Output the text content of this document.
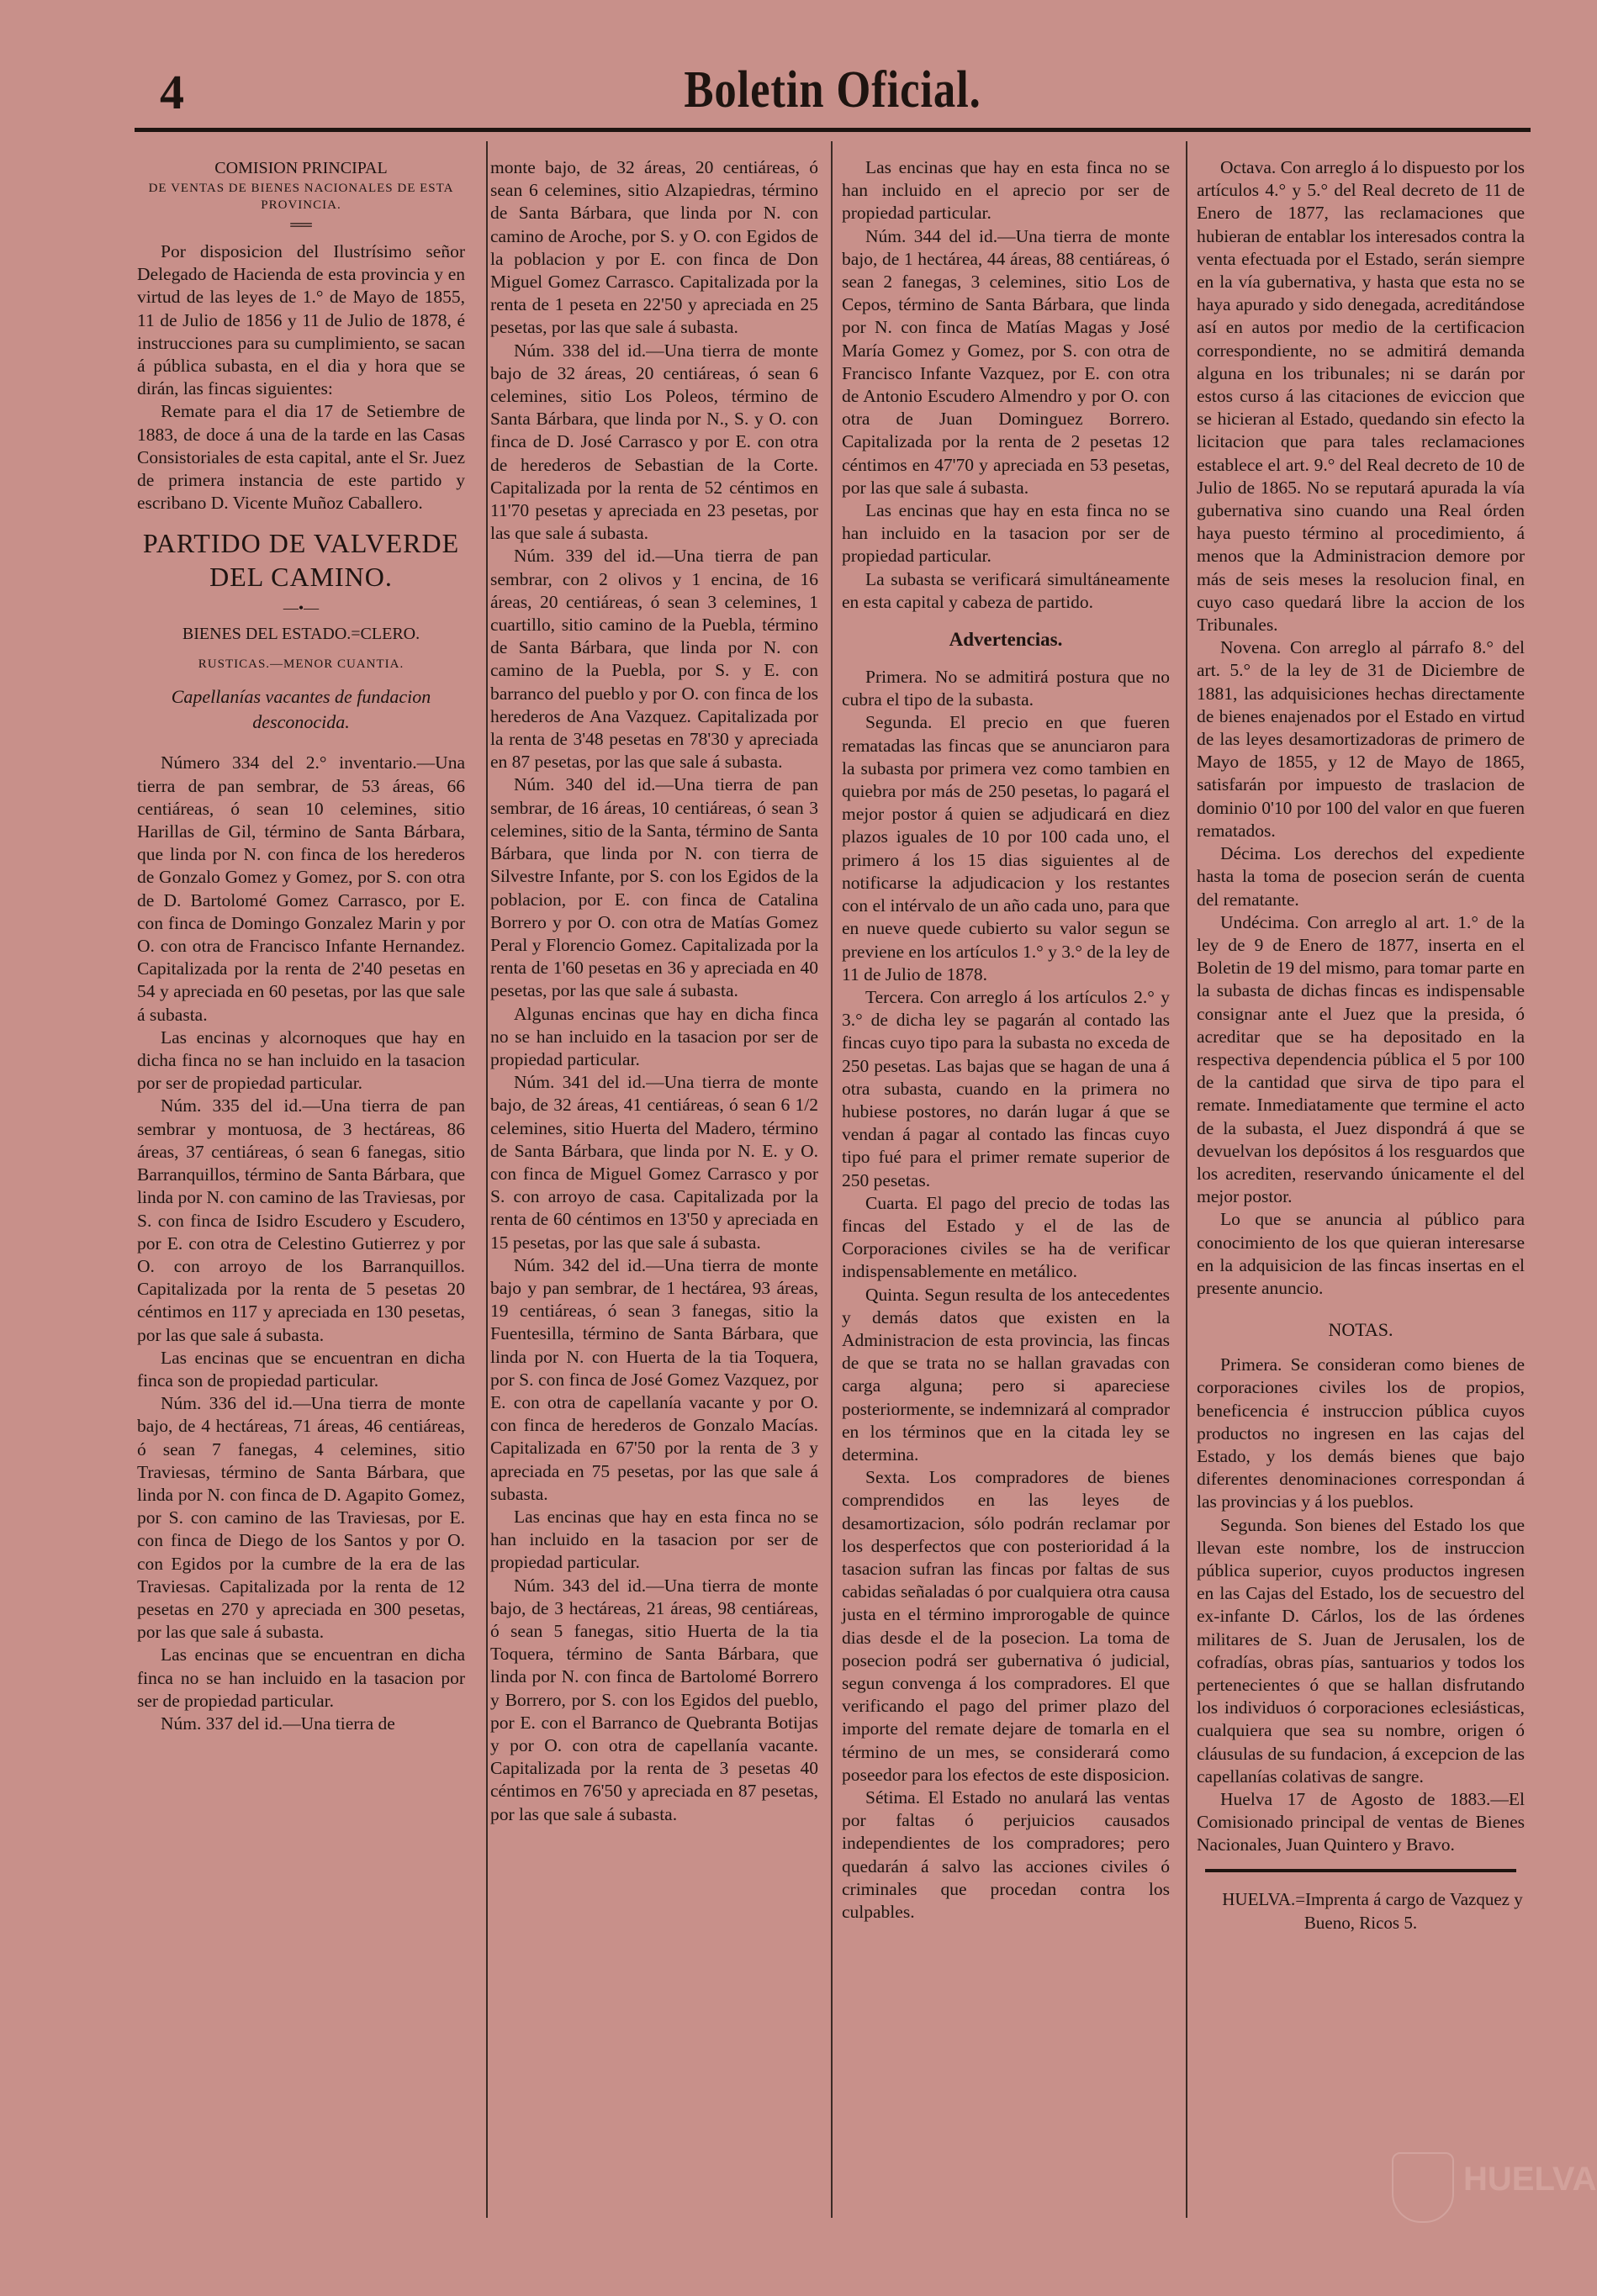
4	Boletin Oficial.
COMISION PRINCIPAL
DE VENTAS DE BIENES NACIONALES DE ESTA PROVINCIA.
══

Por disposicion del Ilustrísimo señor Delegado de Hacienda de esta provincia y en virtud de las leyes de 1.° de Mayo de 1855, 11 de Julio de 1856 y 11 de Julio de 1878, é instrucciones para su cumplimiento, se sacan á pública subasta, en el dia y hora que se dirán, las fincas siguientes:

Remate para el dia 17 de Setiembre de 1883, de doce á una de la tarde en las Casas Consistoriales de esta capital, ante el Sr. Juez de primera instancia de este partido y escribano D. Vicente Muñoz Caballero.

PARTIDO DE VALVERDE DEL CAMINO.
—•—
BIENES DEL ESTADO.=CLERO.
RUSTICAS.—MENOR CUANTIA.
Capellanías vacantes de fundacion desconocida.

Número 334 del 2.° inventario.—Una tierra de pan sembrar, de 53 áreas, 66 centiáreas, ó sean 10 celemines, sitio Harillas de Gil, término de Santa Bárbara, que linda por N. con finca de los herederos de Gonzalo Gomez y Gomez, por S. con otra de D. Bartolomé Gomez Carrasco, por E. con finca de Domingo Gonzalez Marin y por O. con otra de Francisco Infante Hernandez. Capitalizada por la renta de 2'40 pesetas en 54 y apreciada en 60 pesetas, por las que sale á subasta.

Las encinas y alcornoques que hay en dicha finca no se han incluido en la tasacion por ser de propiedad particular.

Núm. 335 del id.—Una tierra de pan sembrar y montuosa, de 3 hectáreas, 86 áreas, 37 centiáreas, ó sean 6 fanegas, sitio Barranquillos, término de Santa Bárbara, que linda por N. con camino de las Traviesas, por S. con finca de Isidro Escudero y Escudero, por E. con otra de Celestino Gutierrez y por O. con arroyo de los Barranquillos. Capitalizada por la renta de 5 pesetas 20 céntimos en 117 y apreciada en 130 pesetas, por las que sale á subasta.

Las encinas que se encuentran en dicha finca son de propiedad particular.

Núm. 336 del id.—Una tierra de monte bajo, de 4 hectáreas, 71 áreas, 46 centiáreas, ó sean 7 fanegas, 4 celemines, sitio Traviesas, término de Santa Bárbara, que linda por N. con finca de D. Agapito Gomez, por S. con camino de las Traviesas, por E. con finca de Diego de los Santos y por O. con Egidos por la cumbre de la era de las Traviesas. Capitalizada por la renta de 12 pesetas en 270 y apreciada en 300 pesetas, por las que sale á subasta.

Las encinas que se encuentran en dicha finca no se han incluido en la tasacion por ser de propiedad particular.

Núm. 337 del id.—Una tierra de

monte bajo, de 32 áreas, 20 centiáreas, ó sean 6 celemines, sitio Alzapiedras, término de Santa Bárbara, que linda por N. con camino de Aroche, por S. y O. con Egidos de la poblacion y por E. con finca de Don Miguel Gomez Carrasco. Capitalizada por la renta de 1 peseta en 22'50 y apreciada en 25 pesetas, por las que sale á subasta.

Núm. 338 del id.—Una tierra de monte bajo de 32 áreas, 20 centiáreas, ó sean 6 celemines, sitio Los Poleos, término de Santa Bárbara, que linda por N., S. y O. con finca de D. José Carrasco y por E. con otra de herederos de Sebastian de la Corte. Capitalizada por la renta de 52 céntimos en 11'70 pesetas y apreciada en 23 pesetas, por las que sale á subasta.

Núm. 339 del id.—Una tierra de pan sembrar, con 2 olivos y 1 encina, de 16 áreas, 20 centiáreas, ó sean 3 celemines, 1 cuartillo, sitio camino de la Puebla, término de Santa Bárbara, que linda por N. con camino de la Puebla, por S. y E. con barranco del pueblo y por O. con finca de los herederos de Ana Vazquez. Capitalizada por la renta de 3'48 pesetas en 78'30 y apreciada en 87 pesetas, por las que sale á subasta.

Núm. 340 del id.—Una tierra de pan sembrar, de 16 áreas, 10 centiáreas, ó sean 3 celemines, sitio de la Santa, término de Santa Bárbara, que linda por N. con tierra de Silvestre Infante, por S. con los Egidos de la poblacion, por E. con finca de Catalina Borrero y por O. con otra de Matías Gomez Peral y Florencio Gomez. Capitalizada por la renta de 1'60 pesetas en 36 y apreciada en 40 pesetas, por las que sale á subasta.

Algunas encinas que hay en dicha finca no se han incluido en la tasacion por ser de propiedad particular.

Núm. 341 del id.—Una tierra de monte bajo, de 32 áreas, 41 centiáreas, ó sean 6 1/2 celemines, sitio Huerta del Madero, término de Santa Bárbara, que linda por N. E. y O. con finca de Miguel Gomez Carrasco y por S. con arroyo de casa. Capitalizada por la renta de 60 céntimos en 13'50 y apreciada en 15 pesetas, por las que sale á subasta.

Núm. 342 del id.—Una tierra de monte bajo y pan sembrar, de 1 hectárea, 93 áreas, 19 centiáreas, ó sean 3 fanegas, sitio la Fuentesilla, término de Santa Bárbara, que linda por N. con Huerta de la tia Toquera, por S. con finca de José Gomez Vazquez, por E. con otra de capellanía vacante y por O. con finca de herederos de Gonzalo Macías. Capitalizada en 67'50 por la renta de 3 y apreciada en 75 pesetas, por las que sale á subasta.

Las encinas que hay en esta finca no se han incluido en la tasacion por ser de propiedad particular.

Núm. 343 del id.—Una tierra de monte bajo, de 3 hectáreas, 21 áreas, 98 centiáreas, ó sean 5 fanegas, sitio Huerta de la tia Toquera, término de Santa Bárbara, que linda por N. con finca de Bartolomé Borrero y Borrero, por S. con los Egidos del pueblo, por E. con el Barranco de Quebranta Botijas y por O. con otra de capellanía vacante. Capitalizada por la renta de 3 pesetas 40 céntimos en 76'50 y apreciada en 87 pesetas, por las que sale á subasta.

Las encinas que hay en esta finca no se han incluido en el aprecio por ser de propiedad particular.

Núm. 344 del id.—Una tierra de monte bajo, de 1 hectárea, 44 áreas, 88 centiáreas, ó sean 2 fanegas, 3 celemines, sitio Los de Cepos, término de Santa Bárbara, que linda por N. con finca de Matías Magas y José María Gomez y Gomez, por S. con otra de Francisco Infante Vazquez, por E. con otra de Antonio Escudero Almendro y por O. con otra de Juan Dominguez Borrero. Capitalizada por la renta de 2 pesetas 12 céntimos en 47'70 y apreciada en 53 pesetas, por las que sale á subasta.

Las encinas que hay en esta finca no se han incluido en la tasacion por ser de propiedad particular.

La subasta se verificará simultáneamente en esta capital y cabeza de partido.

Advertencias.

Primera. No se admitirá postura que no cubra el tipo de la subasta.

Segunda. El precio en que fueren rematadas las fincas que se anunciaron para la subasta por primera vez como tambien en quiebra por más de 250 pesetas, lo pagará el mejor postor á quien se adjudicará en diez plazos iguales de 10 por 100 cada uno, el primero á los 15 dias siguientes al de notificarse la adjudicacion y los restantes con el intérvalo de un año cada uno, para que en nueve quede cubierto su valor segun se previene en los artículos 1.° y 3.° de la ley de 11 de Julio de 1878.

Tercera. Con arreglo á los artículos 2.° y 3.° de dicha ley se pagarán al contado las fincas cuyo tipo para la subasta no exceda de 250 pesetas. Las bajas que se hagan de una á otra subasta, cuando en la primera no hubiese postores, no darán lugar á que se vendan á pagar al contado las fincas cuyo tipo fué para el primer remate superior de 250 pesetas.

Cuarta. El pago del precio de todas las fincas del Estado y el de las de Corporaciones civiles se ha de verificar indispensablemente en metálico.

Quinta. Segun resulta de los antecedentes y demás datos que existen en la Administracion de esta provincia, las fincas de que se trata no se hallan gravadas con carga alguna; pero si apareciese posteriormente, se indemnizará al comprador en los términos que en la citada ley se determina.

Sexta. Los compradores de bienes comprendidos en las leyes de desamortizacion, sólo podrán reclamar por los desperfectos que con posterioridad á la tasacion sufran las fincas por faltas de sus cabidas señaladas ó por cualquiera otra causa justa en el término improrogable de quince dias desde el de la posecion. La toma de posecion podrá ser gubernativa ó judicial, segun convenga á los compradores. El que verificando el pago del primer plazo del importe del remate dejare de tomarla en el término de un mes, se considerará como poseedor para los efectos de este disposicion.

Sétima. El Estado no anulará las ventas por faltas ó perjuicios causados independientes de los compradores; pero quedarán á salvo las acciones civiles ó criminales que procedan contra los culpables.

Octava. Con arreglo á lo dispuesto por los artículos 4.° y 5.° del Real decreto de 11 de Enero de 1877, las reclamaciones que hubieran de entablar los interesados contra la venta efectuada por el Estado, serán siempre en la vía gubernativa, y hasta que esta no se haya apurado y sido denegada, acreditándose así en autos por medio de la certificacion correspondiente, no se admitirá demanda alguna en los tribunales; ni se darán por estos curso á las citaciones de eviccion que se hicieran al Estado, quedando sin efecto la licitacion que para tales reclamaciones establece el art. 9.° del Real decreto de 10 de Julio de 1865. No se reputará apurada la vía gubernativa sino cuando una Real órden haya puesto término al procedimiento, á menos que la Administracion demore por más de seis meses la resolucion final, en cuyo caso quedará libre la accion de los Tribunales.

Novena. Con arreglo al párrafo 8.° del art. 5.° de la ley de 31 de Diciembre de 1881, las adquisiciones hechas directamente de bienes enajenados por el Estado en virtud de las leyes desamortizadoras de primero de Mayo de 1855, y 12 de Mayo de 1865, satisfarán por impuesto de traslacion de dominio 0'10 por 100 del valor en que fueren rematados.

Décima. Los derechos del expediente hasta la toma de posecion serán de cuenta del rematante.

Undécima. Con arreglo al art. 1.° de la ley de 9 de Enero de 1877, inserta en el Boletin de 19 del mismo, para tomar parte en la subasta de dichas fincas es indispensable consignar ante el Juez que la presida, ó acreditar que se ha depositado en la respectiva dependencia pública el 5 por 100 de la cantidad que sirva de tipo para el remate. Inmediatamente que termine el acto de la subasta, el Juez dispondrá á que se devuelvan los depósitos á los resguardos que los acrediten, reservando únicamente el del mejor postor.

Lo que se anuncia al público para conocimiento de los que quieran interesarse en la adquisicion de las fincas insertas en el presente anuncio.

NOTAS.

Primera. Se consideran como bienes de corporaciones civiles los de propios, beneficencia é instruccion pública cuyos productos no ingresen en las cajas del Estado, y los demás bienes que bajo diferentes denominaciones correspondan á las provincias y á los pueblos.

Segunda. Son bienes del Estado los que llevan este nombre, los de instruccion pública superior, cuyos productos ingresen en las Cajas del Estado, los de secuestro del ex-infante D. Cárlos, los de las órdenes militares de S. Juan de Jerusalen, los de cofradías, obras pías, santuarios y todos los pertenecientes ó que se hallan disfrutando los individuos ó corporaciones eclesiásticas, cualquiera que sea su nombre, origen ó cláusulas de su fundacion, á excepcion de las capellanías colativas de sangre.

Huelva 17 de Agosto de 1883.—El Comisionado principal de ventas de Bienes Nacionales, Juan Quintero y Bravo.

HUELVA.=Imprenta á cargo de Vazquez y Bueno, Ricos 5.

HUELVA
